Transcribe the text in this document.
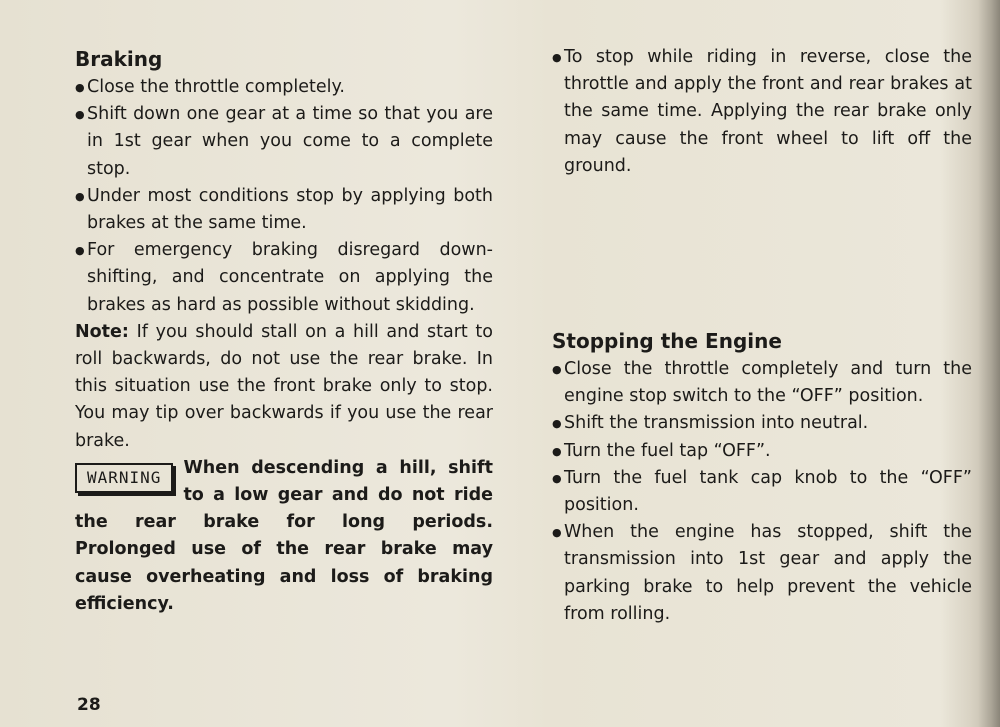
Braking
● Close the throttle completely.
● Shift down one gear at a time so that you are in 1st gear when you come to a complete stop.
● Under most conditions stop by applying both brakes at the same time.
● For emergency braking disregard down-shifting, and concentrate on applying the brakes as hard as possible without skidding.
Note: If you should stall on a hill and start to roll backwards, do not use the rear brake. In this situation use the front brake only to stop. You may tip over backwards if you use the rear brake.
WARNING	When descending a hill, shift to a low gear and do not ride the rear brake for long periods. Prolonged use of the rear brake may cause overheating and loss of braking efficiency.
● To stop while riding in reverse, close the throttle and apply the front and rear brakes at the same time. Applying the rear brake only may cause the front wheel to lift off the ground.
Stopping the Engine
● Close the throttle completely and turn the engine stop switch to the “OFF” position.
● Shift the transmission into neutral.
● Turn the fuel tap “OFF”.
● Turn the fuel tank cap knob to the “OFF” position.
● When the engine has stopped, shift the transmission into 1st gear and apply the parking brake to help prevent the vehicle from rolling.
28
